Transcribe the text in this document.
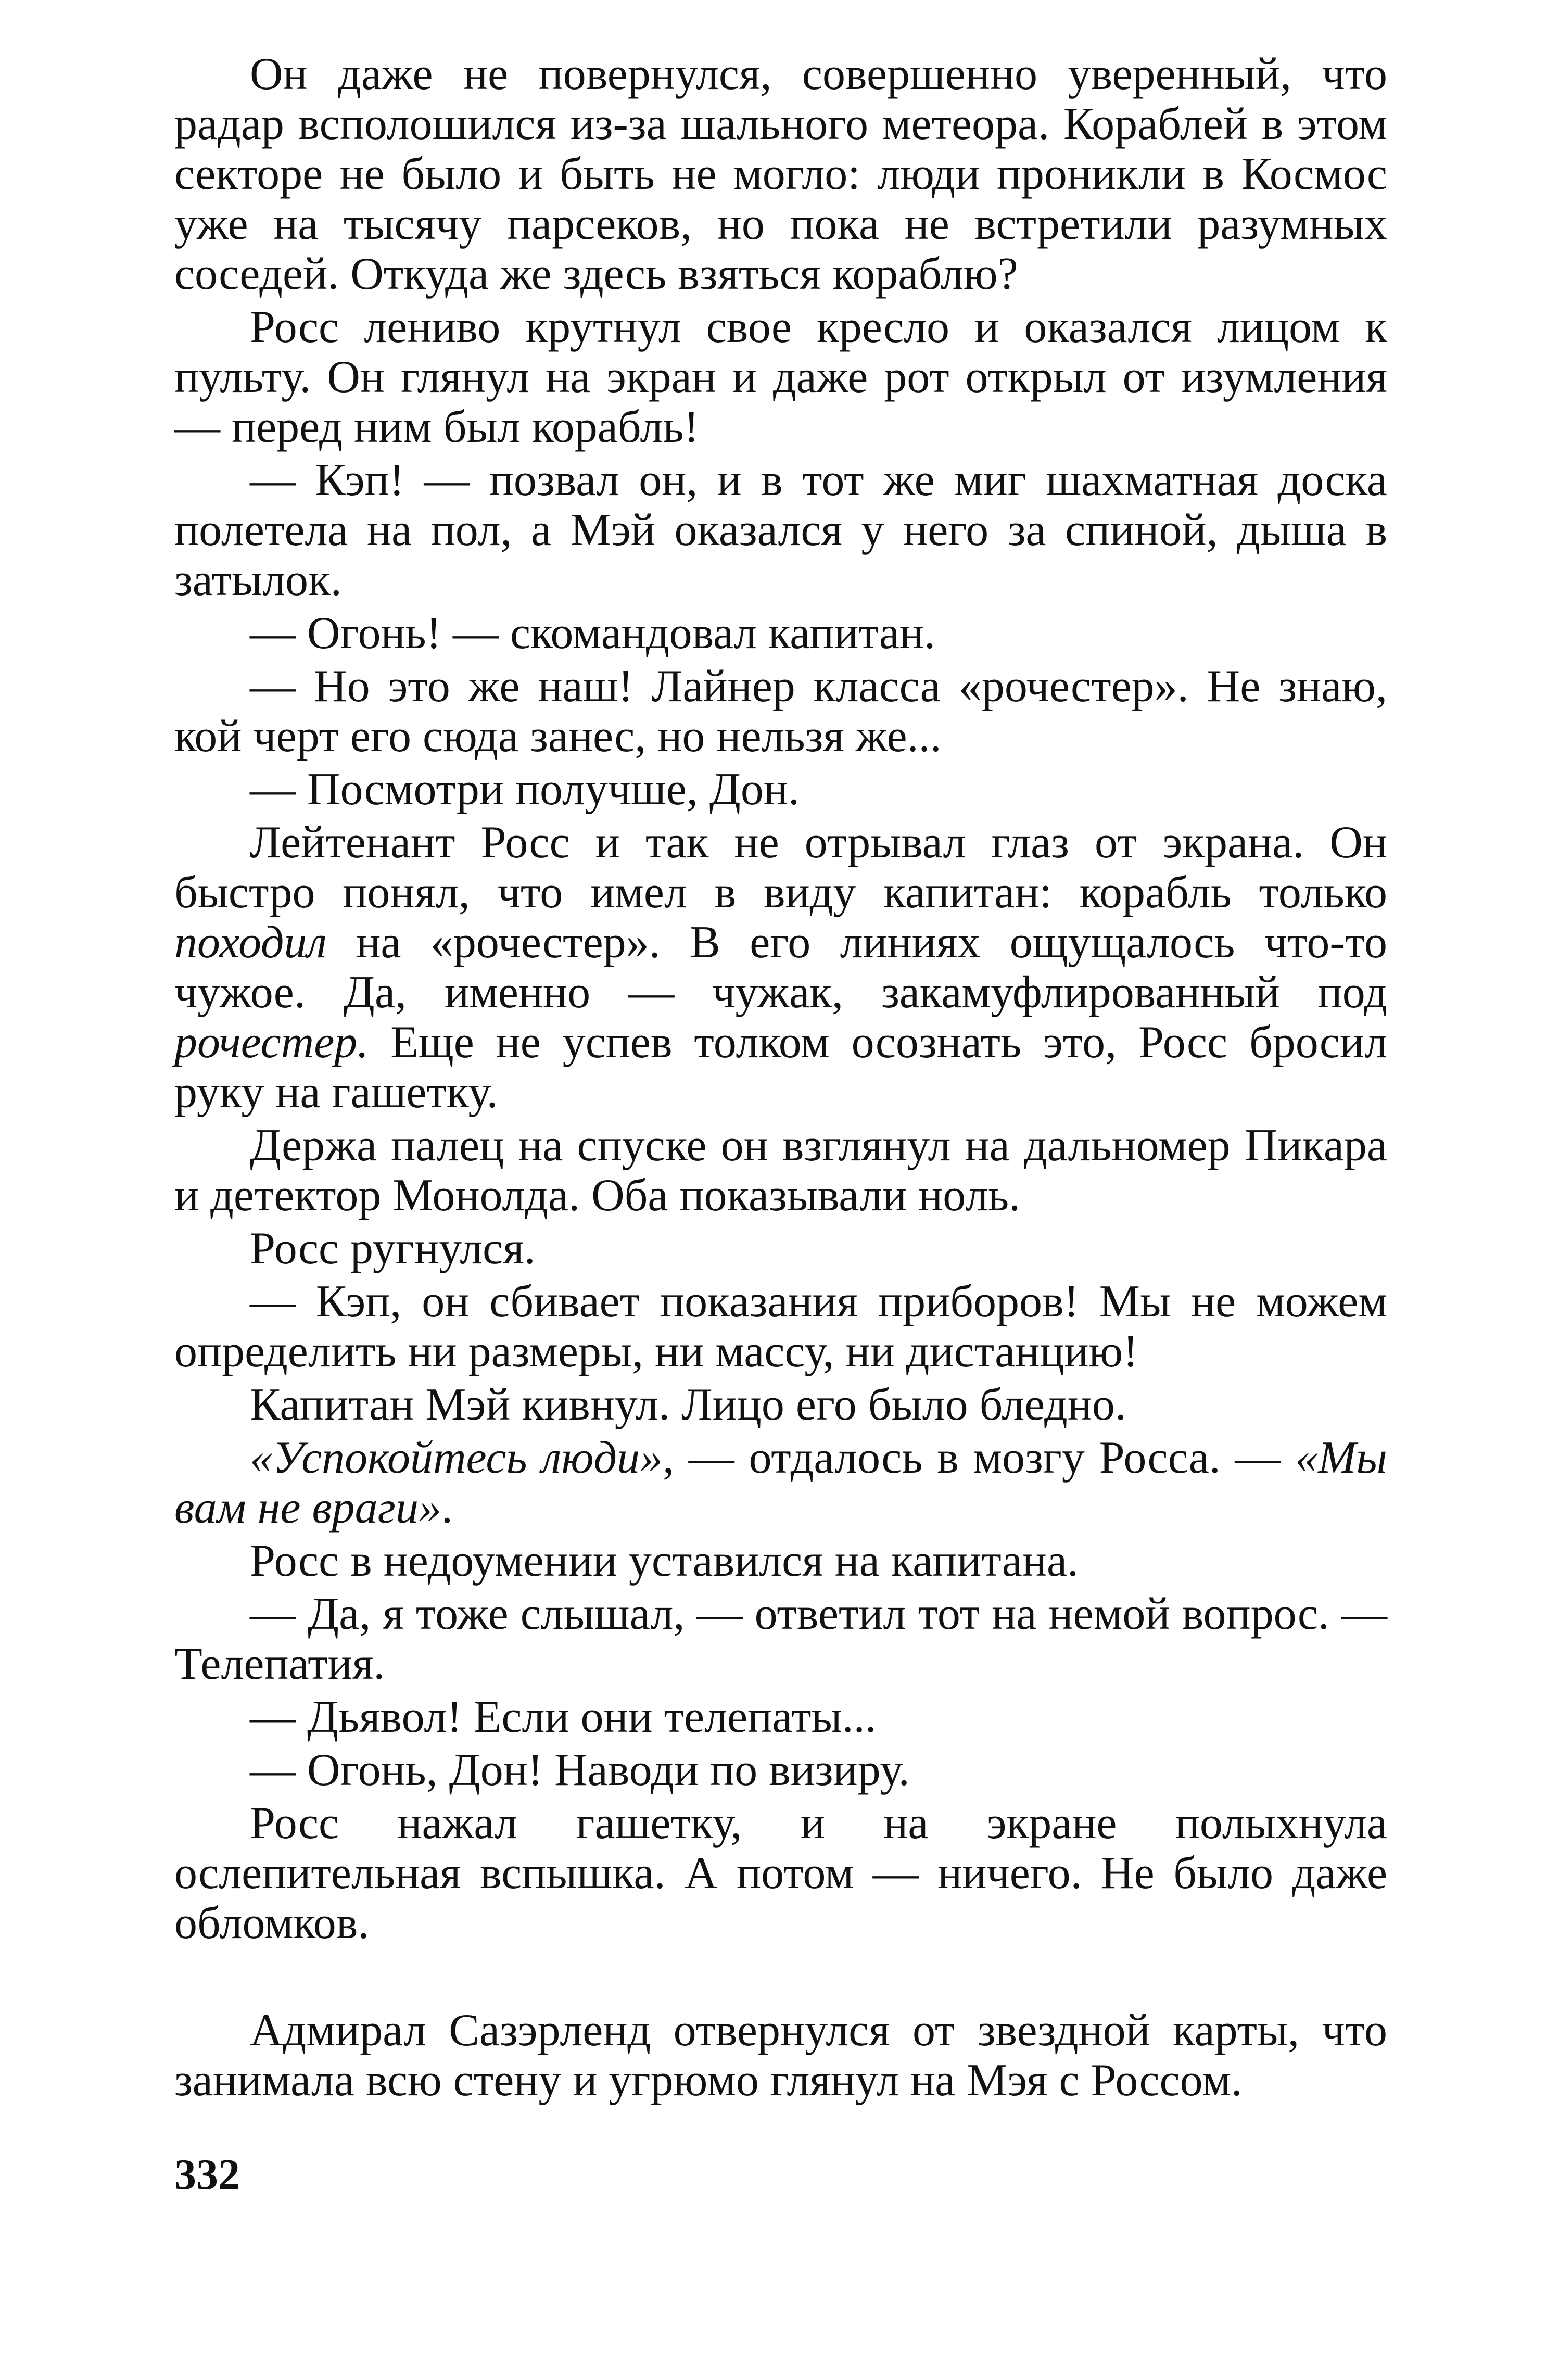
Он даже не повернулся, совершенно уверенный, что радар всполошился из-за шального метеора. Кораблей в этом секторе не было и быть не могло: люди проникли в Космос уже на тысячу парсеков, но пока не встретили разумных соседей. Откуда же здесь взяться кораблю?

Росс лениво крутнул свое кресло и оказался лицом к пульту. Он глянул на экран и даже рот открыл от изумления — перед ним был корабль!

— Кэп! — позвал он, и в тот же миг шахматная доска полетела на пол, а Мэй оказался у него за спиной, дыша в затылок.

— Огонь! — скомандовал капитан.

— Но это же наш! Лайнер класса «рочестер». Не знаю, кой черт его сюда занес, но нельзя же...

— Посмотри получше, Дон.

Лейтенант Росс и так не отрывал глаз от экрана. Он быстро понял, что имел в виду капитан: корабль только походил на «рочестер». В его линиях ощущалось что-то чужое. Да, именно — чужак, закамуфлированный под рочестер. Еще не успев толком осознать это, Росс бросил руку на гашетку.

Держа палец на спуске он взглянул на дальномер Пикара и детектор Монолда. Оба показывали ноль.

Росс ругнулся.

— Кэп, он сбивает показания приборов! Мы не можем определить ни размеры, ни массу, ни дистанцию!

Капитан Мэй кивнул. Лицо его было бледно.

«Успокойтесь люди», — отдалось в мозгу Росса. — «Мы вам не враги».

Росс в недоумении уставился на капитана.

— Да, я тоже слышал, — ответил тот на немой вопрос. — Телепатия.

— Дьявол! Если они телепаты...

— Огонь, Дон! Наводи по визиру.

Росс нажал гашетку, и на экране полыхнула ослепительная вспышка. А потом — ничего. Не было даже обломков.

Адмирал Сазэрленд отвернулся от звездной карты, что занимала всю стену и угрюмо глянул на Мэя с Россом.

332
